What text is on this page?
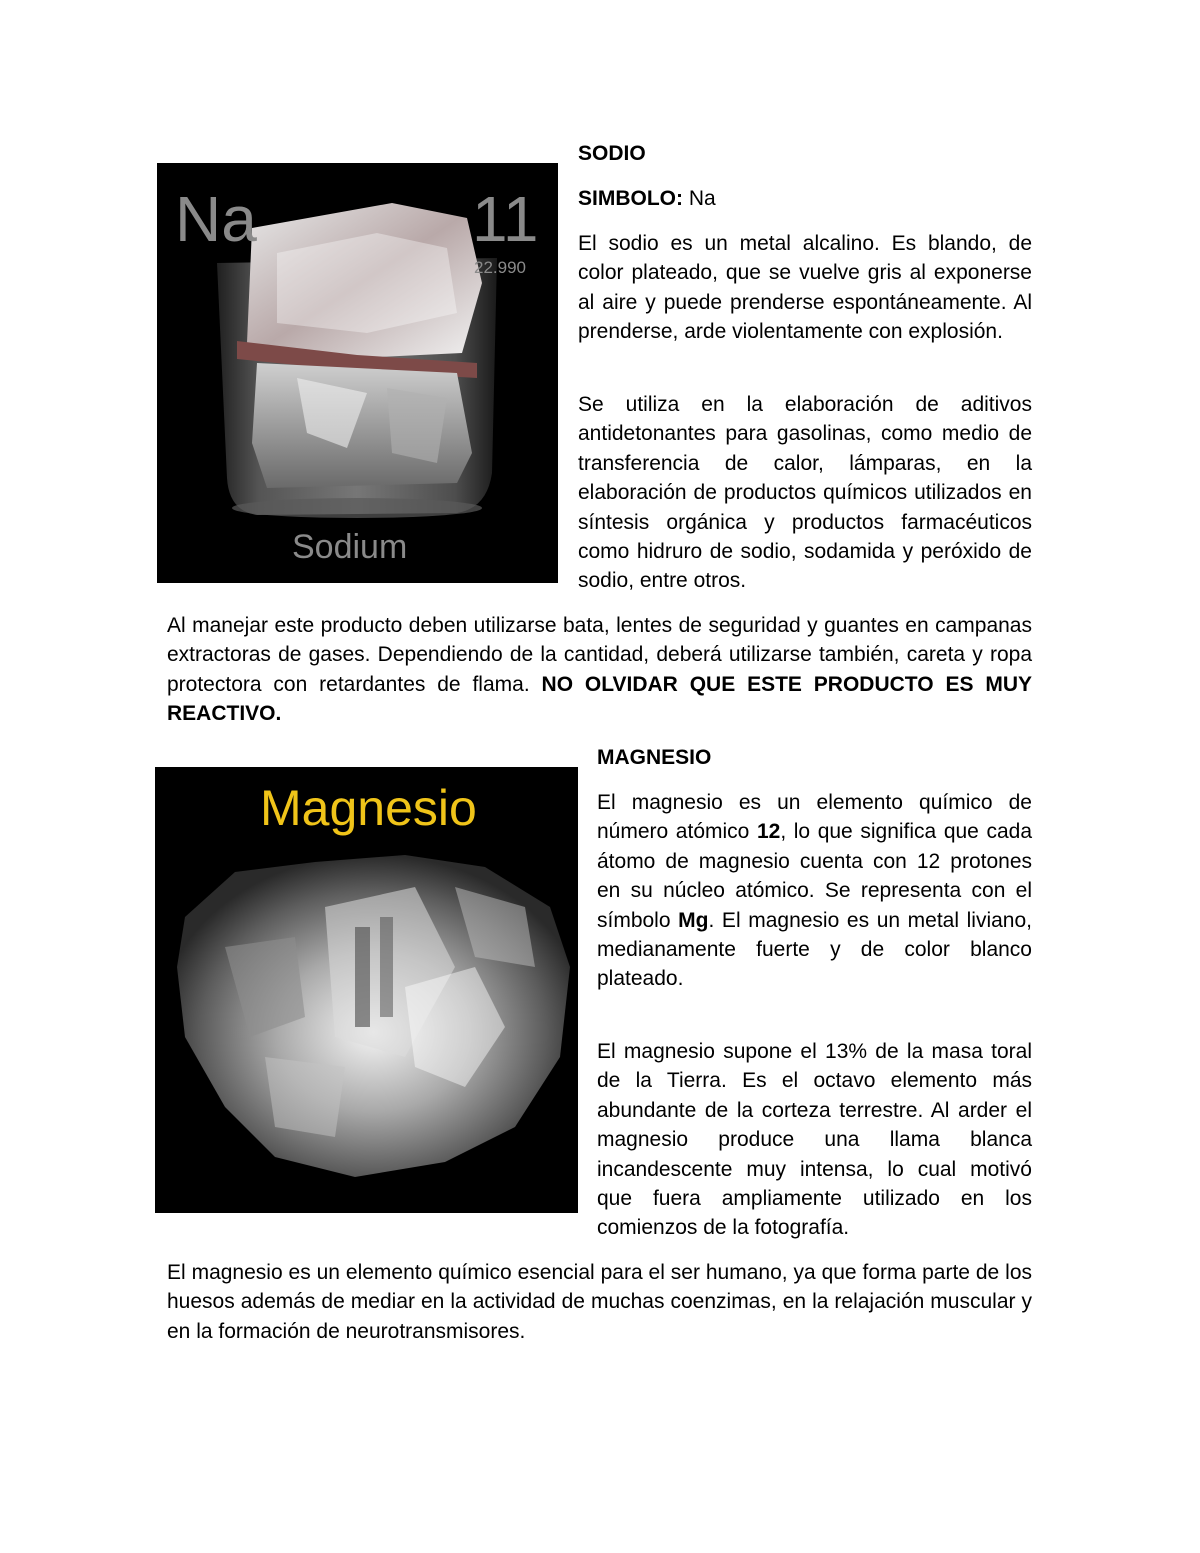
Na	11
22.990
Sodium

SODIO

SIMBOLO: Na

El sodio es un metal alcalino. Es blando, de color plateado, que se vuelve gris al exponerse al aire y puede prenderse espontáneamente. Al prenderse, arde violentamente con explosión.

Se utiliza en la elaboración de aditivos antidetonantes para gasolinas, como medio de transferencia de calor, lámparas, en la elaboración de productos químicos utilizados en síntesis orgánica y productos farmacéuticos como hidruro de sodio, sodamida y peróxido de sodio, entre otros.

Al manejar este producto deben utilizarse bata, lentes de seguridad y guantes en campanas extractoras de gases. Dependiendo de la cantidad, deberá utilizarse también, careta y ropa protectora con retardantes de flama. NO OLVIDAR QUE ESTE PRODUCTO ES MUY REACTIVO.

Magnesio

MAGNESIO

El magnesio es un elemento químico de número atómico 12, lo que significa que cada átomo de magnesio cuenta con 12 protones en su núcleo atómico. Se representa con el símbolo Mg. El magnesio es un metal liviano, medianamente fuerte y de color blanco plateado.

El magnesio supone el 13% de la masa toral de la Tierra. Es el octavo elemento más abundante de la corteza terrestre. Al arder el magnesio produce una llama blanca incandescente muy intensa, lo cual motivó que fuera ampliamente utilizado en los comienzos de la fotografía.

El magnesio es un elemento químico esencial para el ser humano, ya que forma parte de los huesos además de mediar en la actividad de muchas coenzimas, en la relajación muscular y en la formación de neurotransmisores.
